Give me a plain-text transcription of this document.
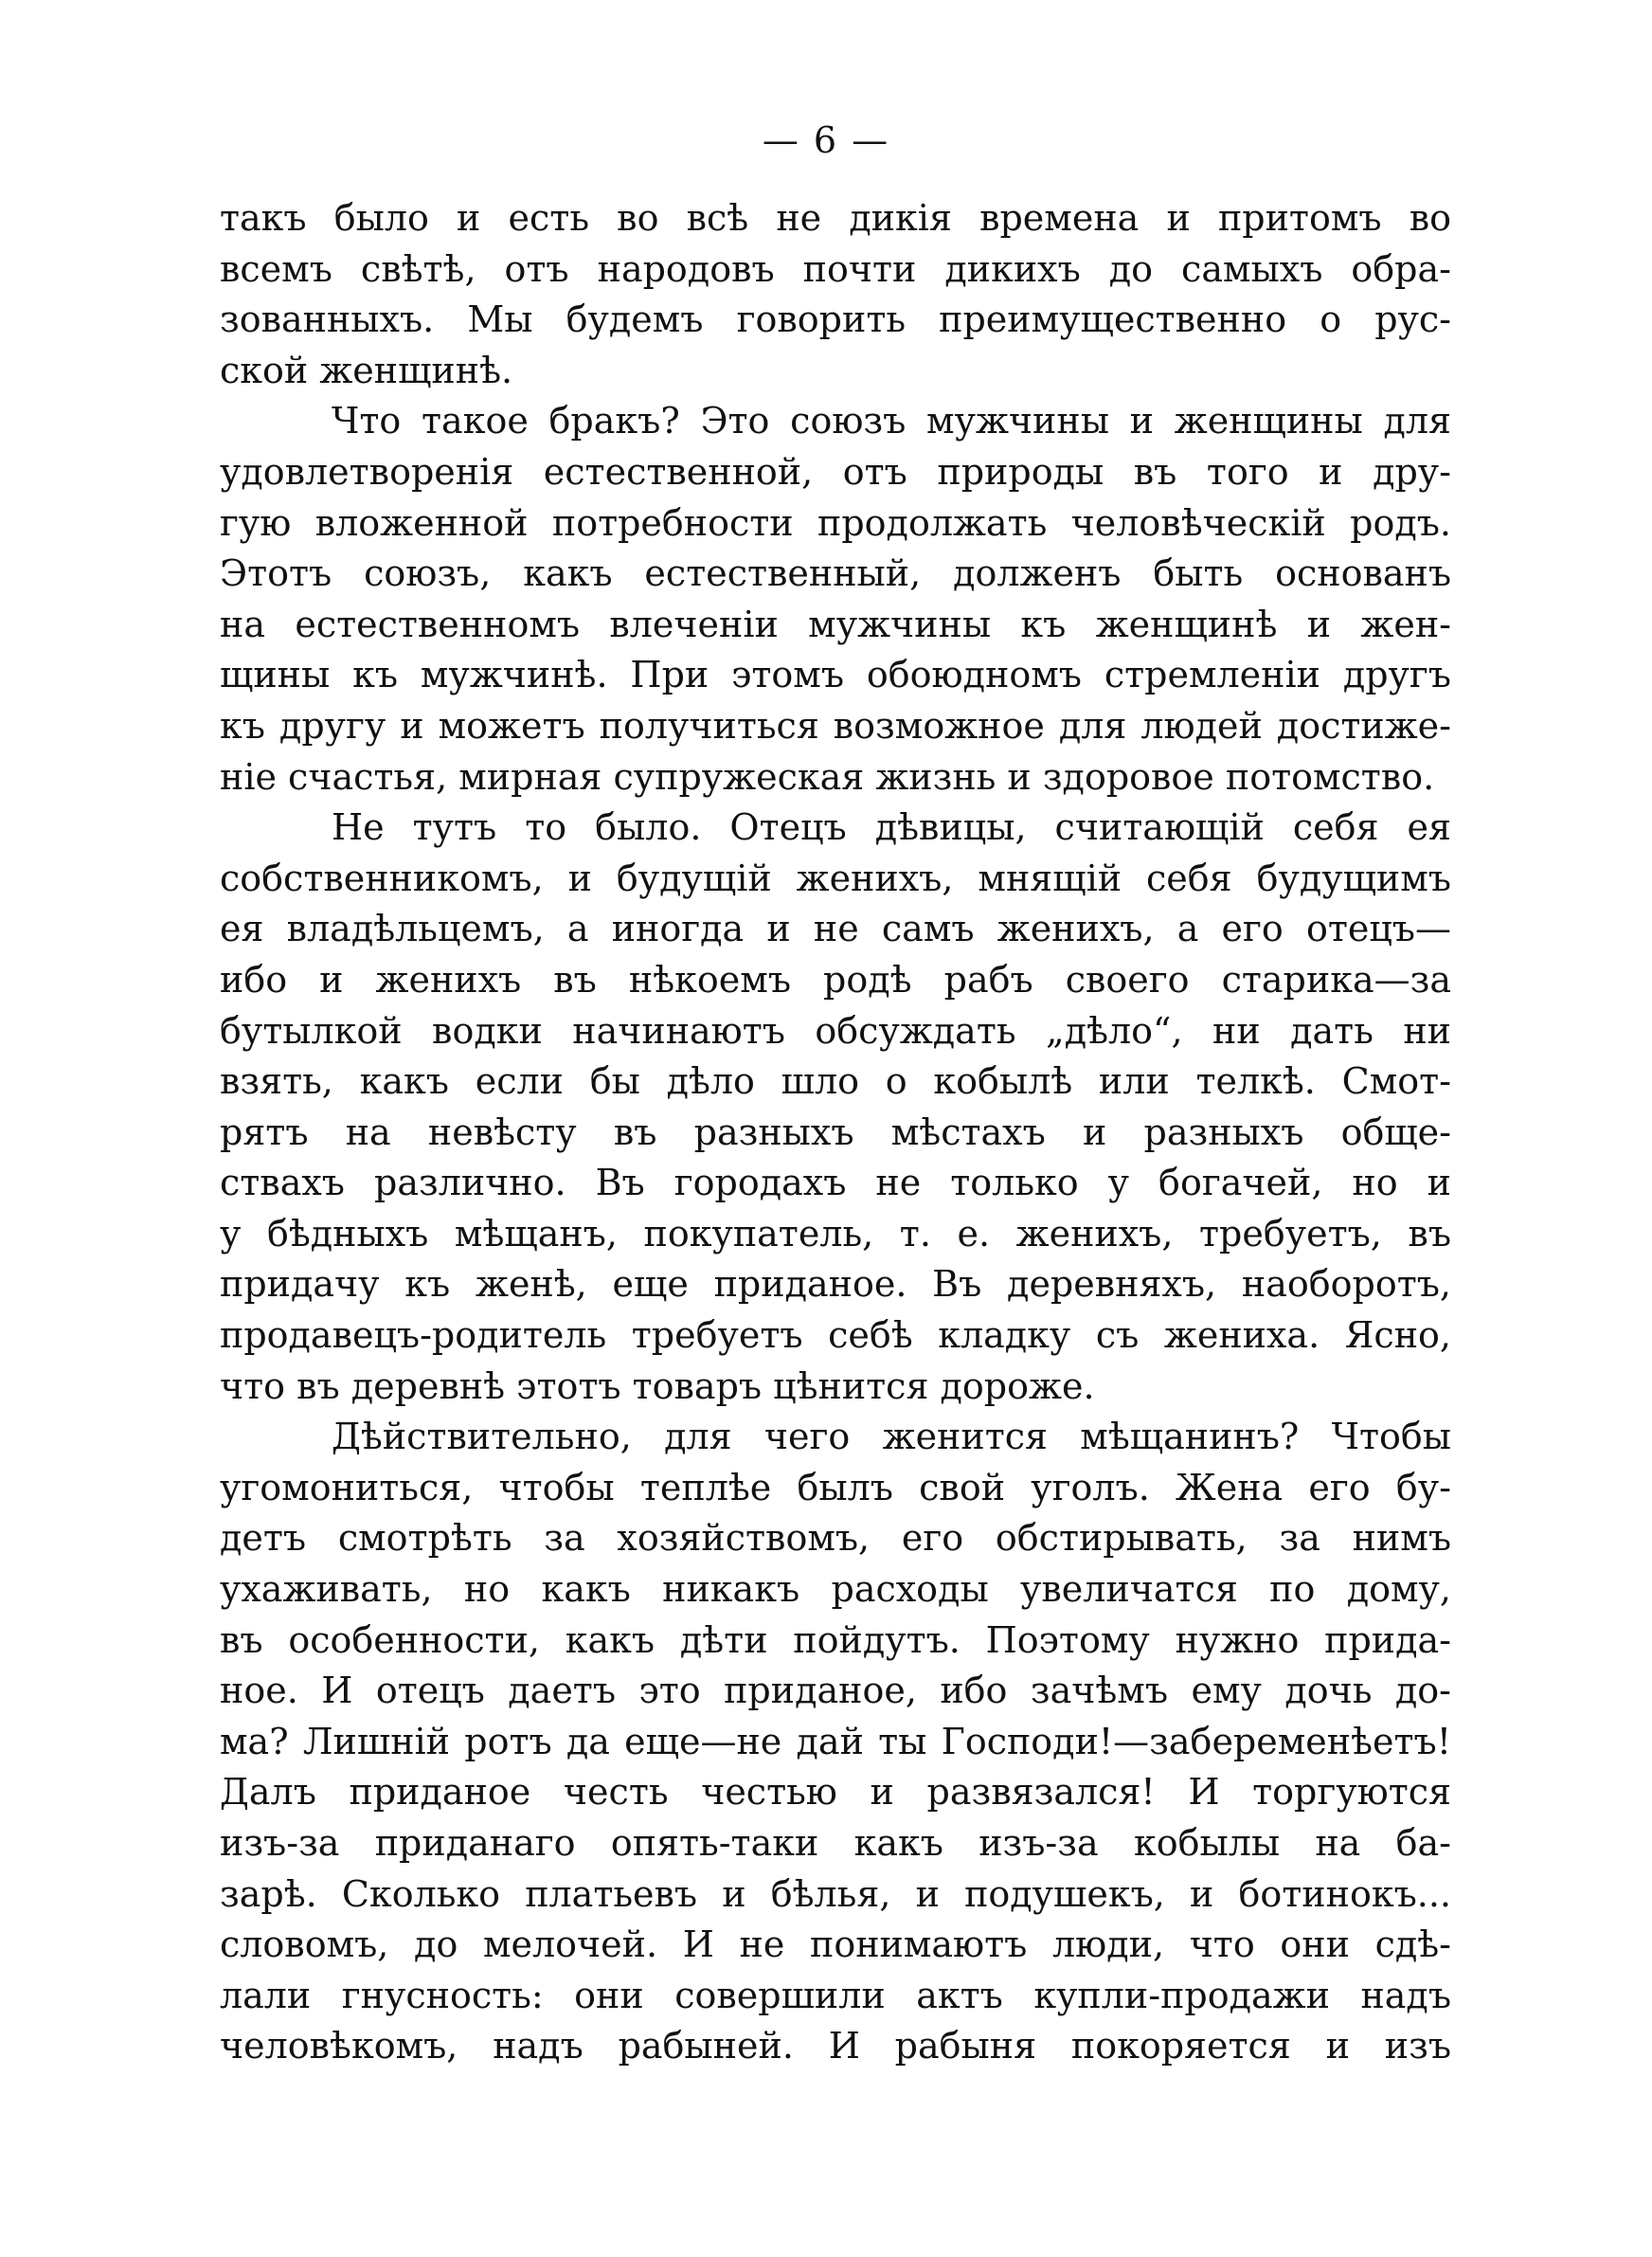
— 6 —
такъ было и есть во всѣ не дикія времена и притомъ во
всемъ свѣтѣ, отъ народовъ почти дикихъ до самыхъ обра-
зованныхъ. Мы будемъ говорить преимущественно о рус-
ской женщинѣ.
Что такое бракъ? Это союзъ мужчины и женщины для
удовлетворенія естественной, отъ природы въ того и дру-
гую вложенной потребности продолжать человѣческій родъ.
Этотъ союзъ, какъ естественный, долженъ быть основанъ
на естественномъ влеченіи мужчины къ женщинѣ и жен-
щины къ мужчинѣ. При этомъ обоюдномъ стремленіи другъ
къ другу и можетъ получиться возможное для людей достиже-
ніе счастья, мирная супружеская жизнь и здоровое потомство.
Не тутъ то было. Отецъ дѣвицы, считающій себя ея
собственникомъ, и будущій женихъ, мнящій себя будущимъ
ея владѣльцемъ, а иногда и не самъ женихъ, а его отецъ—
ибо и женихъ въ нѣкоемъ родѣ рабъ своего старика—за
бутылкой водки начинаютъ обсуждать „дѣло“, ни дать ни
взять, какъ если бы дѣло шло о кобылѣ или телкѣ. Смот-
рятъ на невѣсту въ разныхъ мѣстахъ и разныхъ обще-
ствахъ различно. Въ городахъ не только у богачей, но и
у бѣдныхъ мѣщанъ, покупатель, т. е. женихъ, требуетъ, въ
придачу къ женѣ, еще приданое. Въ деревняхъ, наоборотъ,
продавецъ-родитель требуетъ себѣ кладку съ жениха. Ясно,
что въ деревнѣ этотъ товаръ цѣнится дороже.
Дѣйствительно, для чего женится мѣщанинъ? Чтобы
угомониться, чтобы теплѣе былъ свой уголъ. Жена его бу-
детъ смотрѣть за хозяйствомъ, его обстирывать, за нимъ
ухаживать, но какъ никакъ расходы увеличатся по дому,
въ особенности, какъ дѣти пойдутъ. Поэтому нужно прида-
ное. И отецъ даетъ это приданое, ибо зачѣмъ ему дочь до-
ма? Лишній ротъ да еще—не дай ты Господи!—забеременѣетъ!
Далъ приданое честь честью и развязался! И торгуются
изъ-за приданаго опять-таки какъ изъ-за кобылы на ба-
зарѣ. Сколько платьевъ и бѣлья, и подушекъ, и ботинокъ...
словомъ, до мелочей. И не понимаютъ люди, что они сдѣ-
лали гнусность: они совершили актъ купли-продажи надъ
человѣкомъ, надъ рабыней. И рабыня покоряется и изъ
